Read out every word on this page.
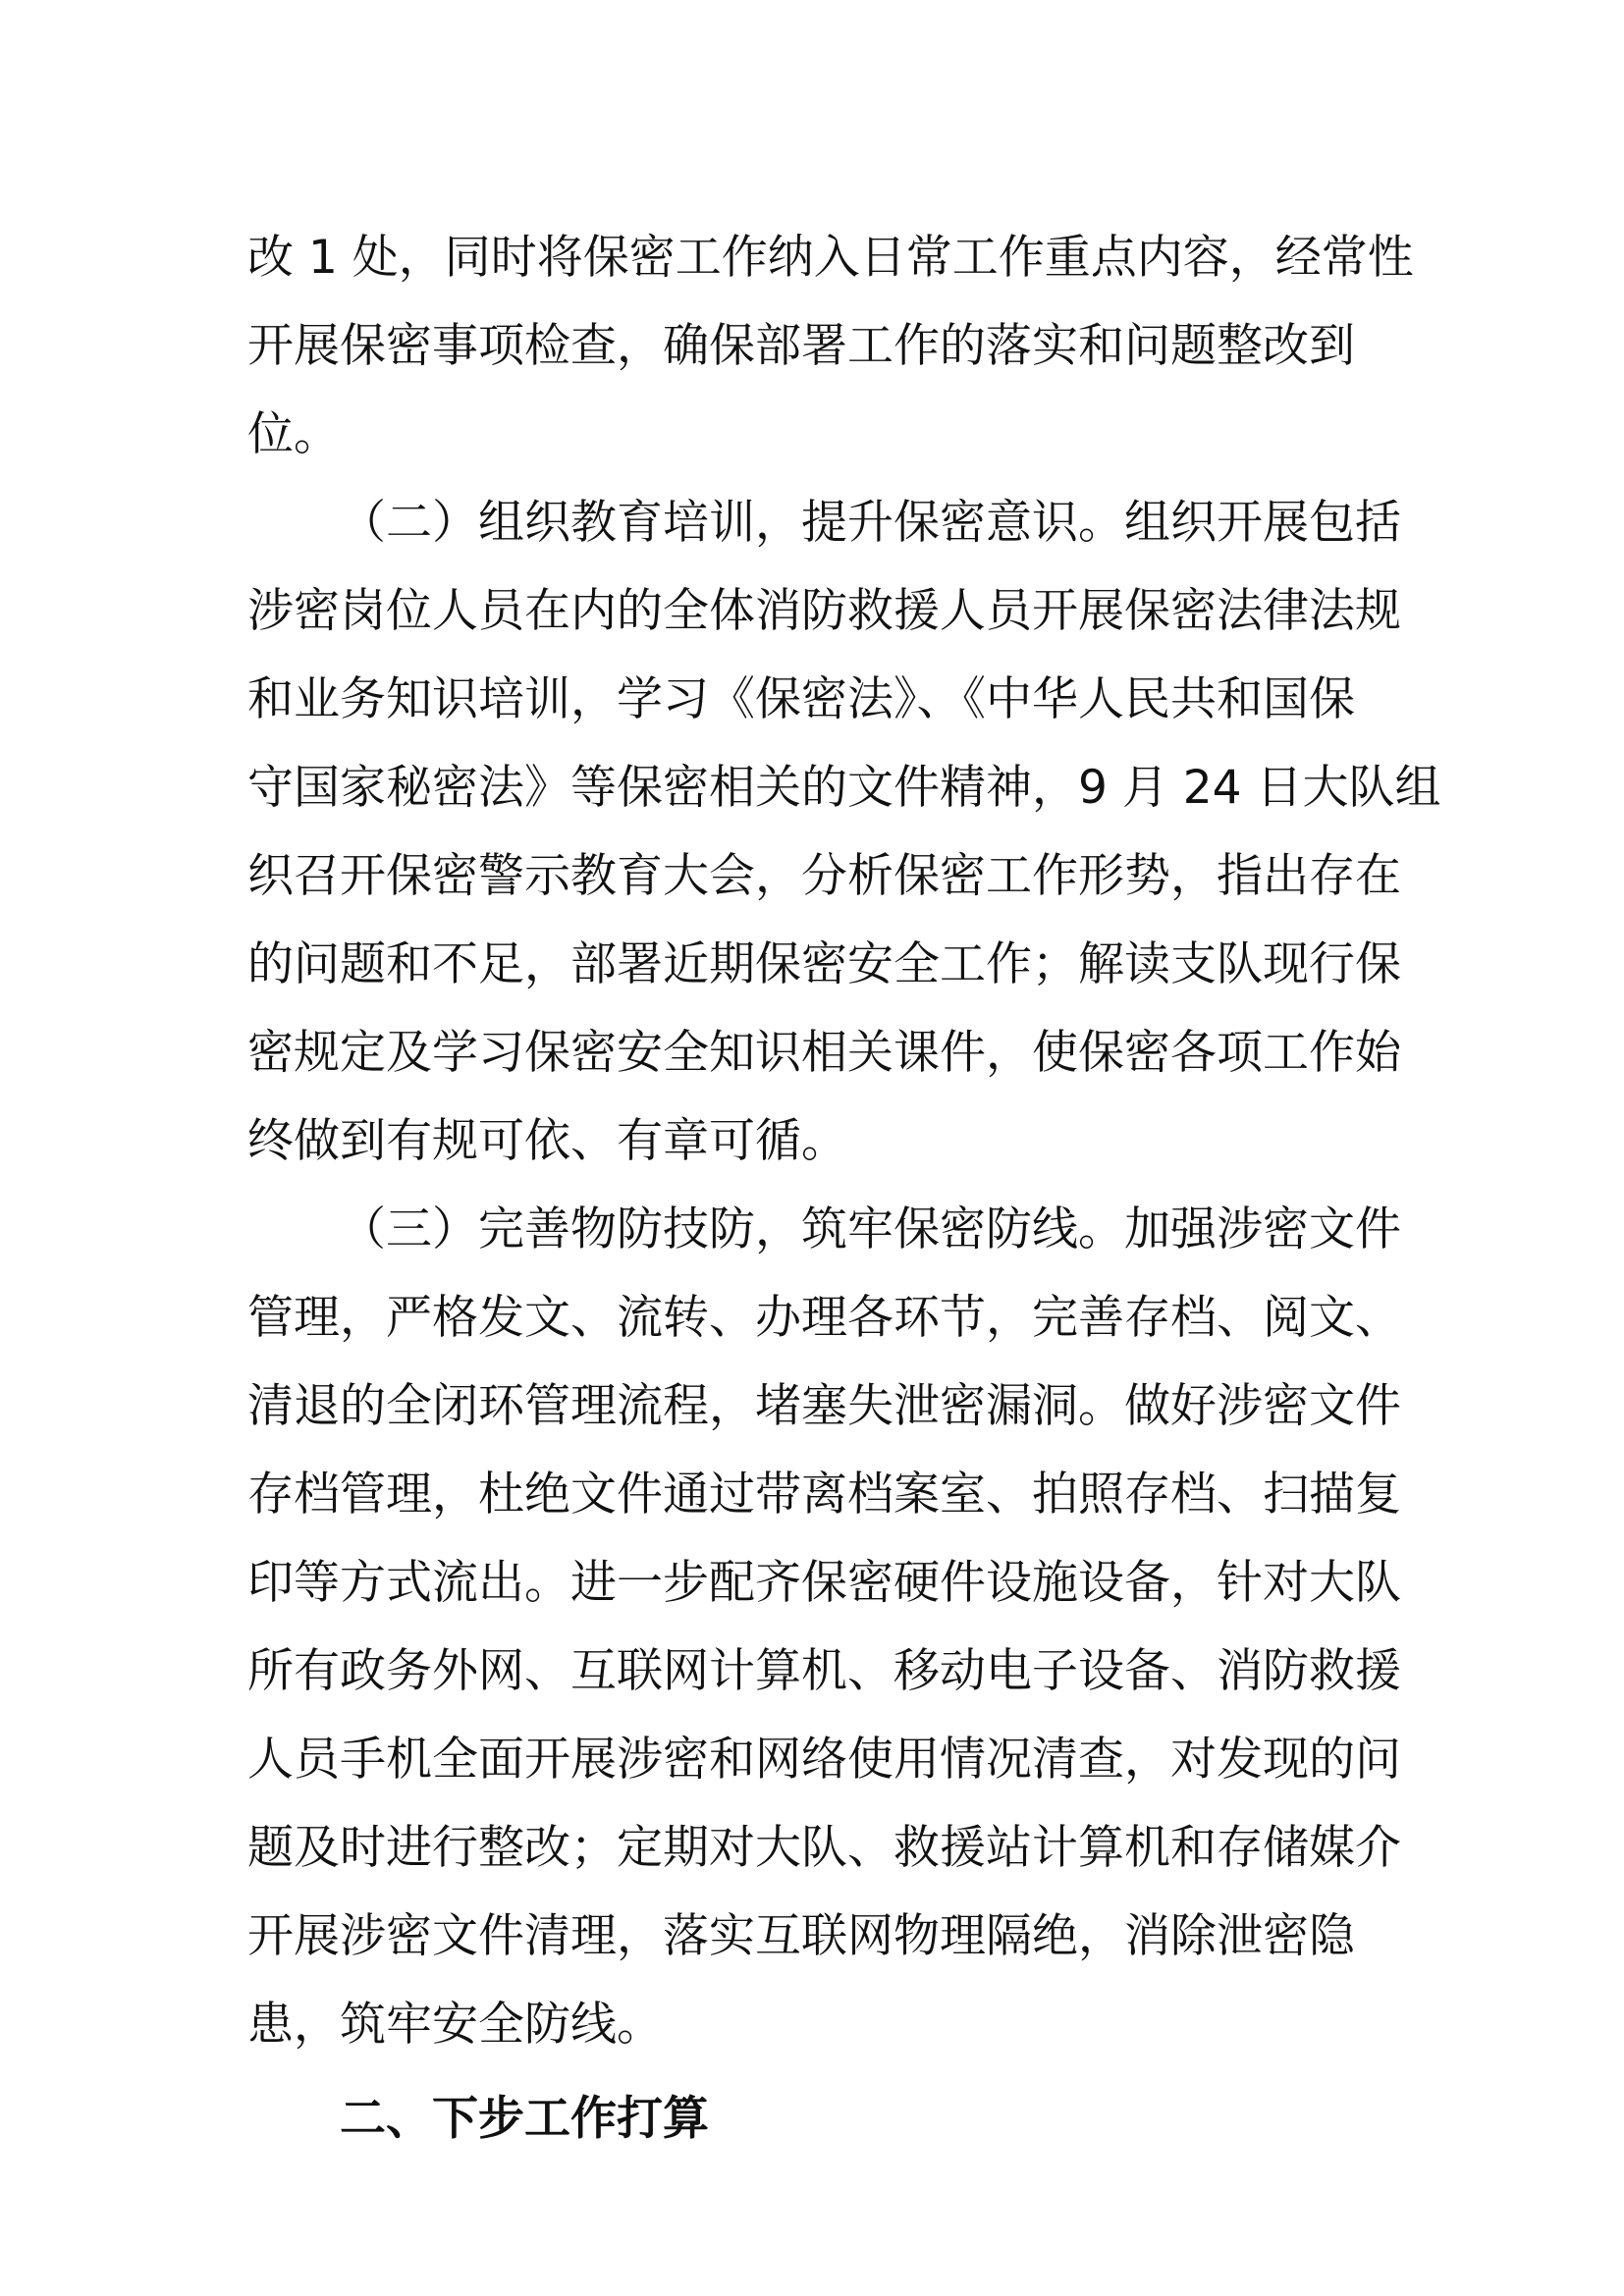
改 1 处，同时将保密工作纳入日常工作重点内容，经常性
开展保密事项检查，确保部署工作的落实和问题整改到
位。
（二）组织教育培训，提升保密意识。组织开展包括
涉密岗位人员在内的全体消防救援人员开展保密法律法规
和业务知识培训，学习《保密法》、《中华人民共和国保
守国家秘密法》等保密相关的文件精神，9 月 24 日大队组
织召开保密警示教育大会，分析保密工作形势，指出存在
的问题和不足，部署近期保密安全工作；解读支队现行保
密规定及学习保密安全知识相关课件，使保密各项工作始
终做到有规可依、有章可循。
（三）完善物防技防，筑牢保密防线。加强涉密文件
管理，严格发文、流转、办理各环节，完善存档、阅文、
清退的全闭环管理流程，堵塞失泄密漏洞。做好涉密文件
存档管理，杜绝文件通过带离档案室、拍照存档、扫描复
印等方式流出。进一步配齐保密硬件设施设备，针对大队
所有政务外网、互联网计算机、移动电子设备、消防救援
人员手机全面开展涉密和网络使用情况清查，对发现的问
题及时进行整改；定期对大队、救援站计算机和存储媒介
开展涉密文件清理，落实互联网物理隔绝，消除泄密隐
患，筑牢安全防线。
二、下步工作打算
